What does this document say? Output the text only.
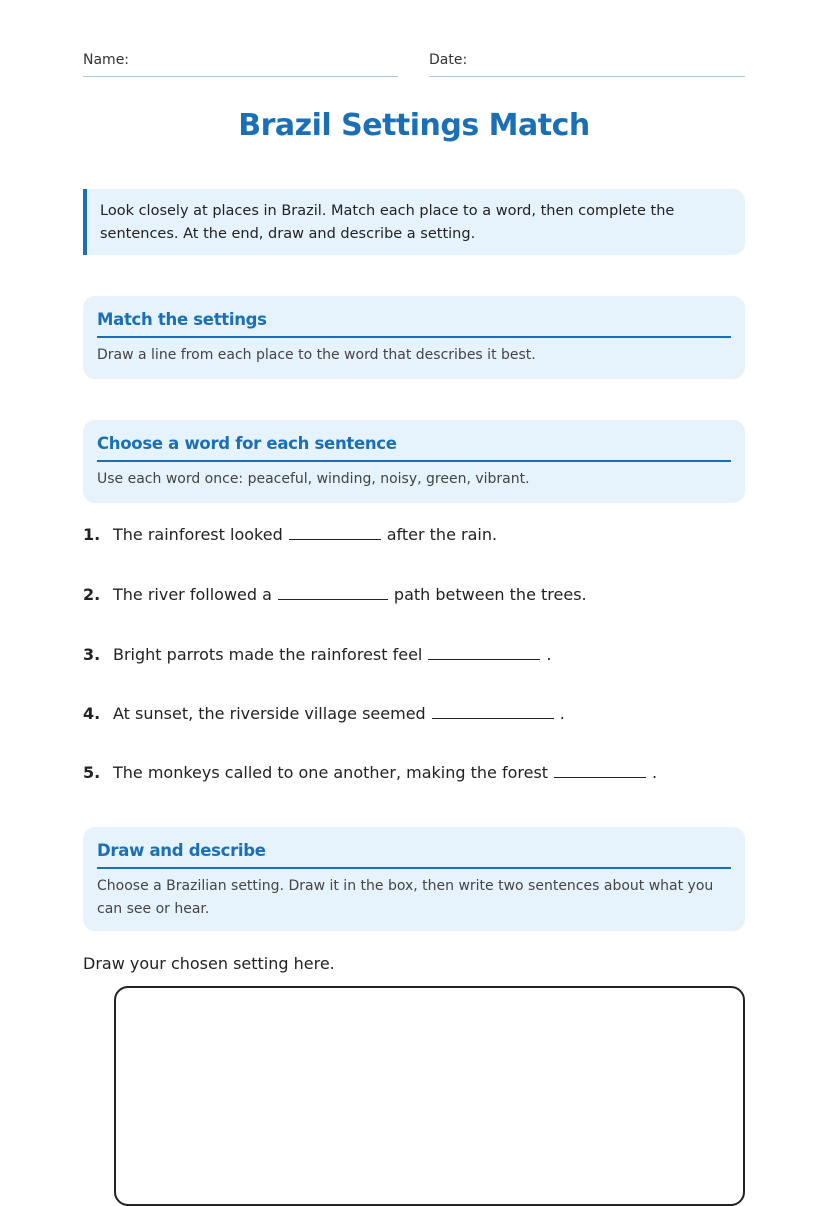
Name:	Date:
Brazil Settings Match
Look closely at places in Brazil. Match each place to a word, then complete the sentences. At the end, draw and describe a setting.
Match the settings

Draw a line from each place to the word that describes it best.

Choose a word for each sentence

Use each word once: peaceful, winding, noisy, green, vibrant.

1. The rainforest looked	after the rain.
2. The river followed a	path between the trees.
3. Bright parrots made the rainforest feel	.
4. At sunset, the riverside village seemed	.
5. The monkeys called to one another, making the forest	.
Draw and describe

Choose a Brazilian setting. Draw it in the box, then write two sentences about what you can see or hear.

Draw your chosen setting here.
